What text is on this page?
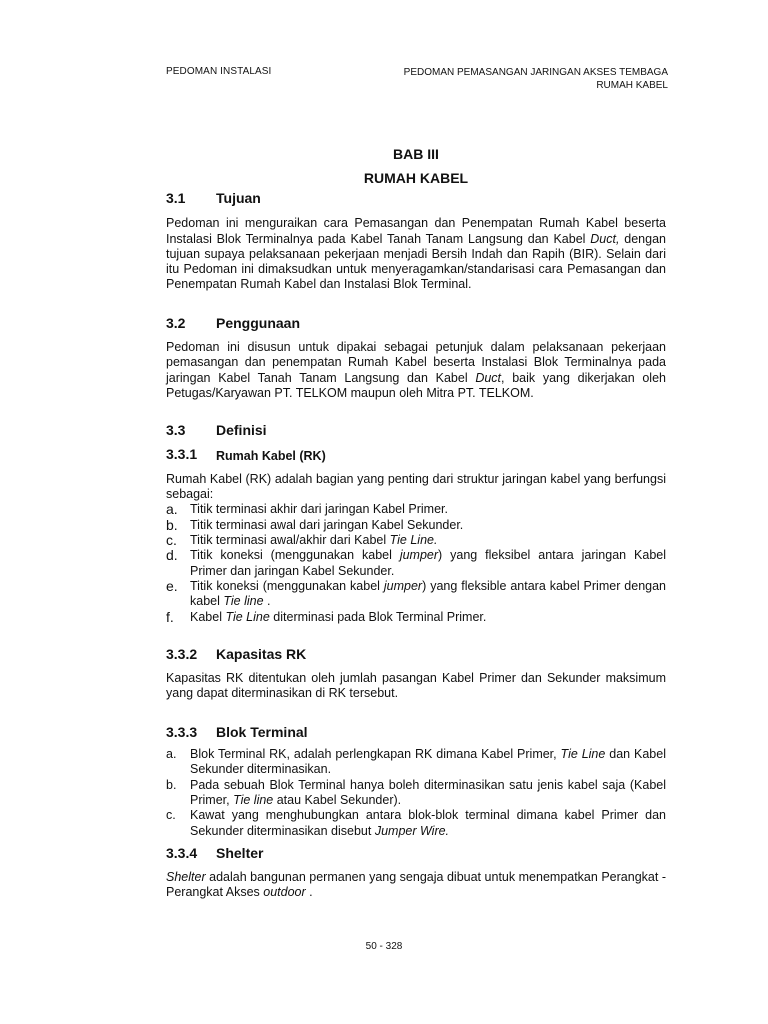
PEDOMAN INSTALASI	PEDOMAN PEMASANGAN JARINGAN AKSES TEMBAGA
RUMAH KABEL
BAB III
RUMAH KABEL
3.1	Tujuan

Pedoman ini menguraikan cara Pemasangan dan Penempatan Rumah Kabel beserta Instalasi Blok Terminalnya pada Kabel Tanah Tanam Langsung dan Kabel Duct, dengan tujuan supaya pelaksanaan pekerjaan menjadi Bersih Indah dan Rapih (BIR). Selain dari itu Pedoman ini dimaksudkan untuk menyeragamkan/standarisasi cara Pemasangan dan Penempatan Rumah Kabel dan Instalasi Blok Terminal.

3.2	Penggunaan

Pedoman ini disusun untuk dipakai sebagai petunjuk dalam pelaksanaan pekerjaan pemasangan dan penempatan Rumah Kabel beserta Instalasi Blok Terminalnya pada jaringan Kabel Tanah Tanam Langsung dan Kabel Duct, baik yang dikerjakan oleh Petugas/Karyawan PT. TELKOM maupun oleh Mitra PT. TELKOM.

3.3	Definisi
3.3.1	Rumah Kabel (RK)

Rumah Kabel (RK) adalah bagian yang penting dari struktur jaringan kabel yang berfungsi sebagai:

a. Titik terminasi akhir dari jaringan Kabel Primer.
b. Titik terminasi awal dari jaringan Kabel Sekunder.
c.	Titik terminasi awal/akhir dari Kabel Tie Line.
d. Titik koneksi (menggunakan kabel jumper) yang fleksibel antara jaringan Kabel Primer dan jaringan Kabel Sekunder.
e. Titik koneksi (menggunakan kabel jumper) yang fleksible antara kabel Primer dengan kabel Tie line .
f.	Kabel Tie Line diterminasi pada Blok Terminal Primer.
3.3.2	Kapasitas RK

Kapasitas RK ditentukan oleh jumlah pasangan Kabel Primer dan Sekunder maksimum yang dapat diterminasikan di RK tersebut.

3.3.3	Blok Terminal
a.	Blok Terminal RK, adalah perlengkapan RK dimana Kabel Primer, Tie Line dan Kabel Sekunder diterminasikan.
b.	Pada sebuah Blok Terminal hanya boleh diterminasikan satu jenis kabel saja (Kabel Primer, Tie line atau Kabel Sekunder).
c.	Kawat yang menghubungkan antara blok-blok terminal dimana kabel Primer dan Sekunder diterminasikan disebut Jumper Wire.
3.3.4	Shelter

Shelter adalah bangunan permanen yang sengaja dibuat untuk menempatkan Perangkat - Perangkat Akses outdoor .

50 - 328
